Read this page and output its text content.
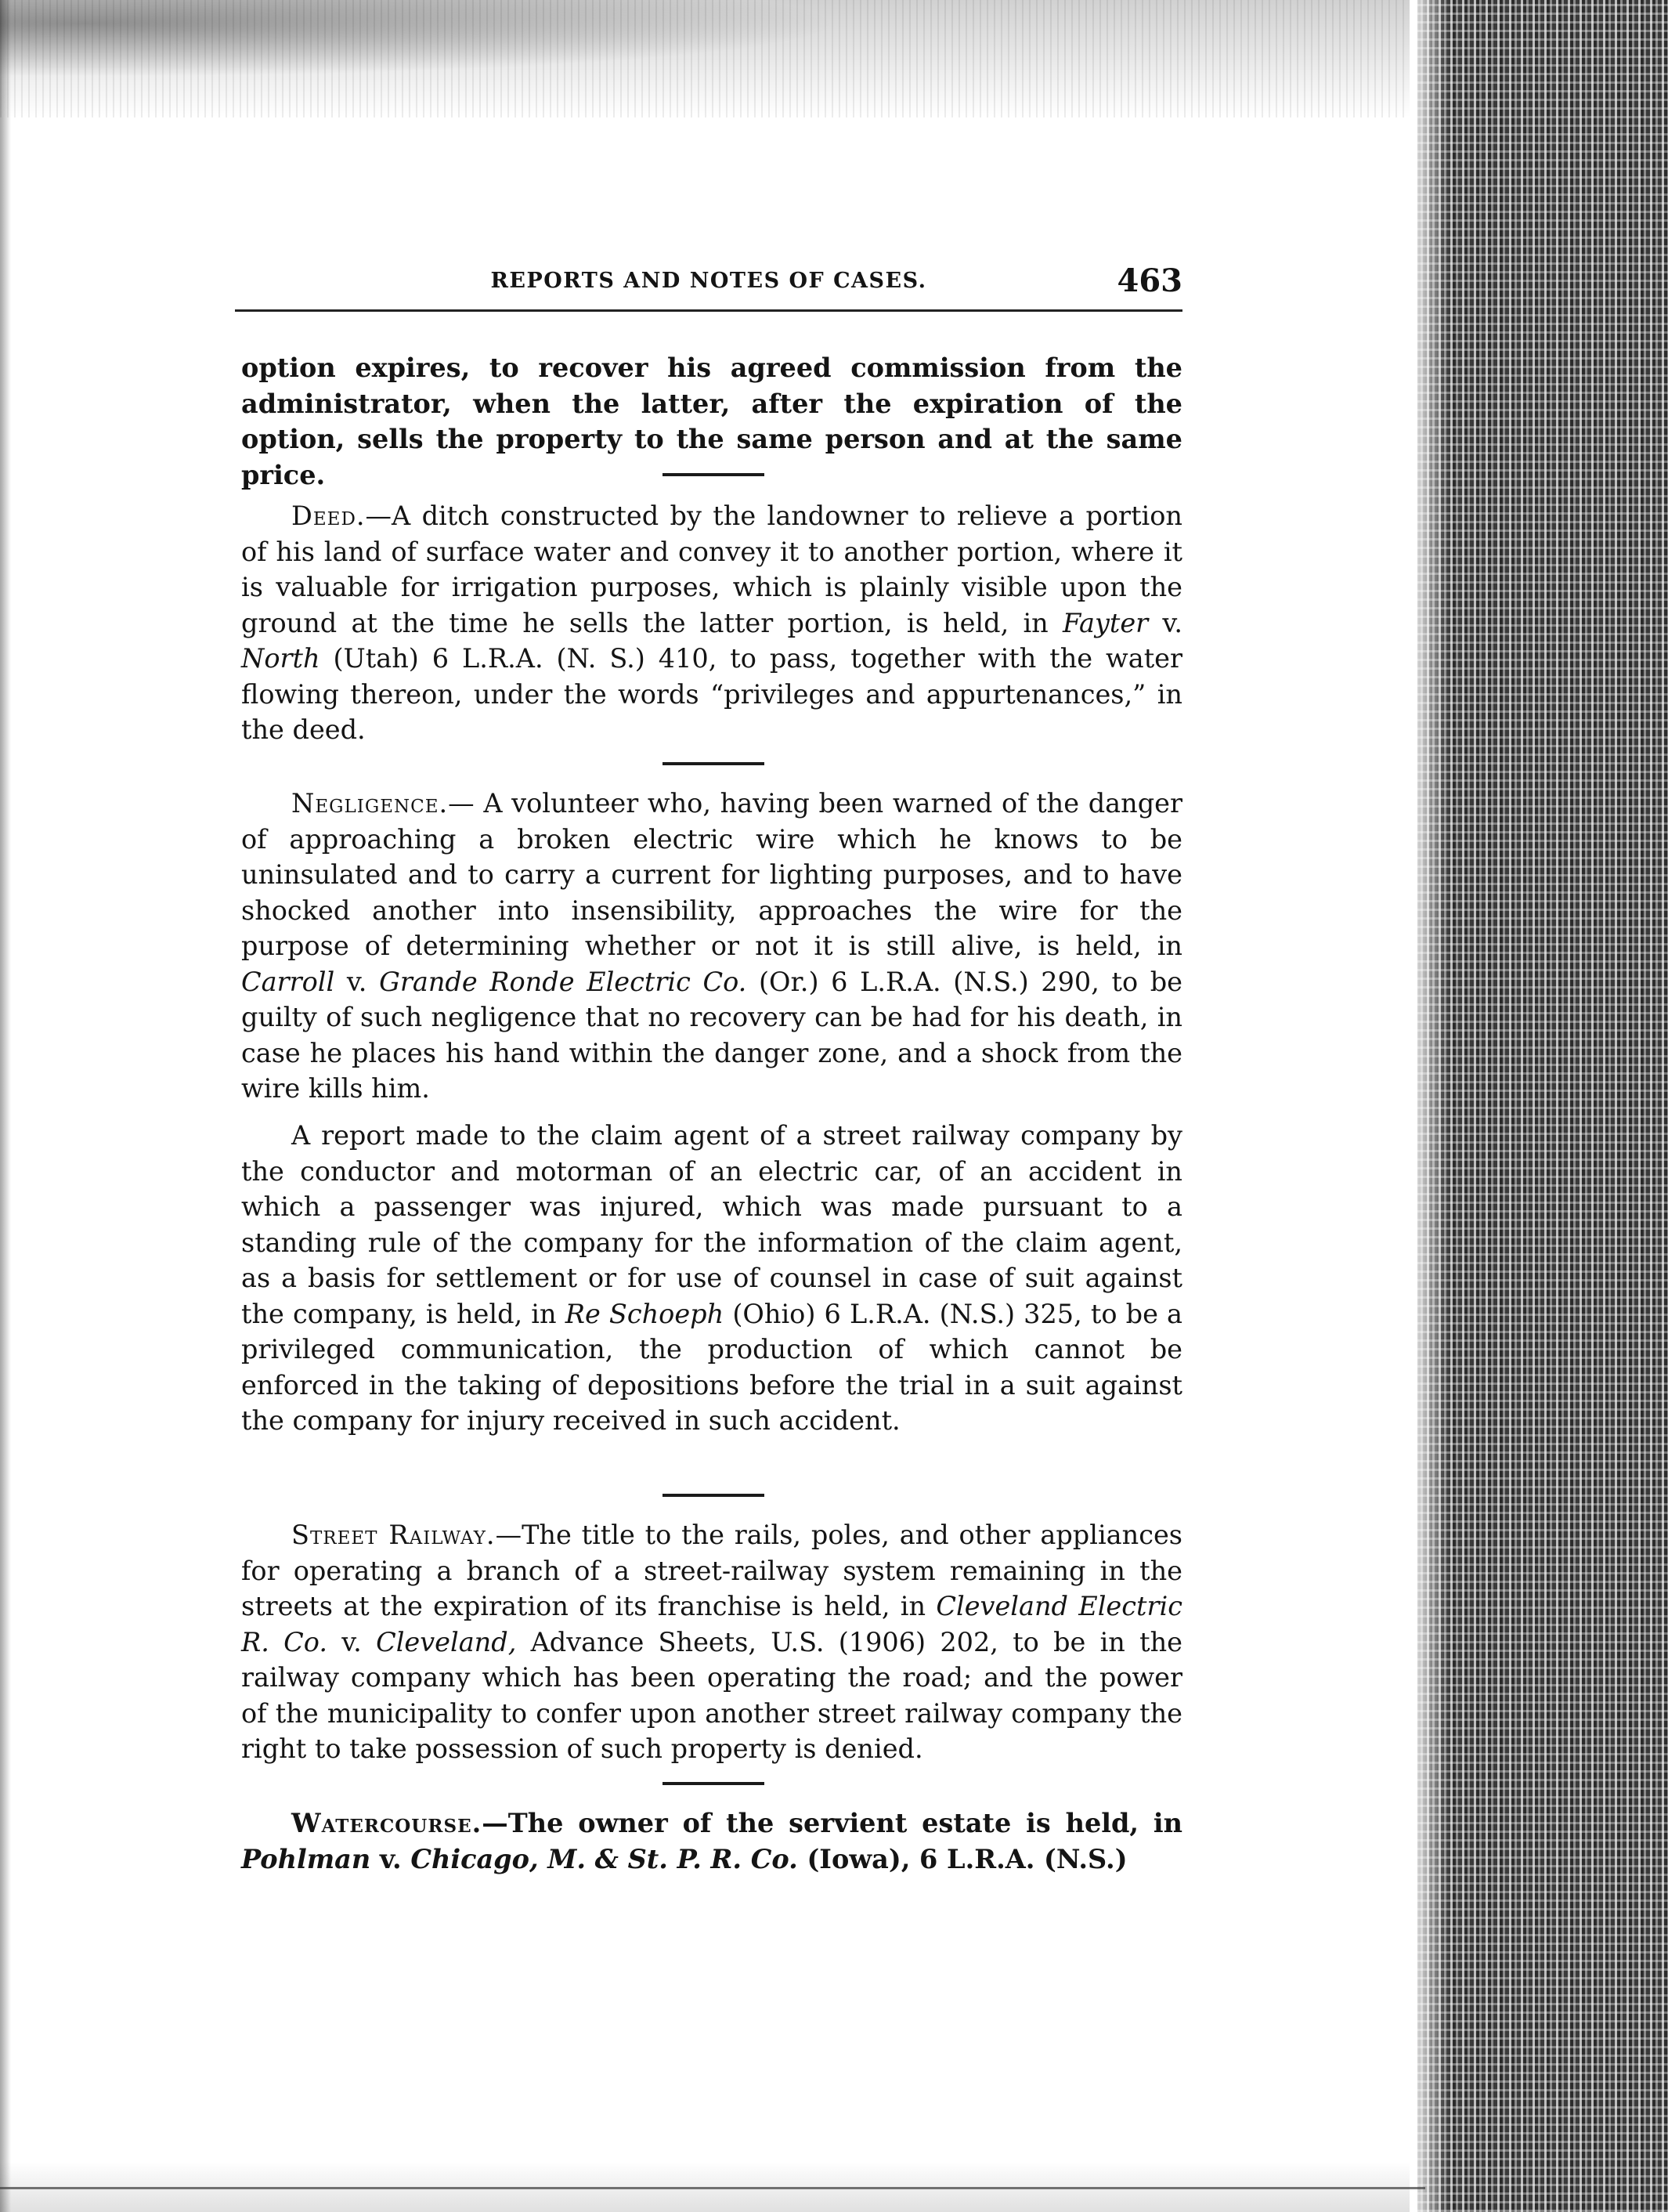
REPORTS AND NOTES OF CASES.	463
option expires, to recover his agreed commission from the administrator, when the latter, after the expiration of the option, sells the property to the same person and at the same price.
Deed.—A ditch constructed by the landowner to relieve a portion of his land of surface water and convey it to another portion, where it is valuable for irrigation purposes, which is plainly visible upon the ground at the time he sells the latter portion, is held, in Fayter v. North (Utah) 6 L.R.A. (N. S.) 410, to pass, together with the water flowing thereon, under the words “privileges and appurtenances,” in the deed.
Negligence.— A volunteer who, having been warned of the danger of approaching a broken electric wire which he knows to be uninsulated and to carry a current for lighting purposes, and to have shocked another into insensibility, approaches the wire for the purpose of determining whether or not it is still alive, is held, in Carroll v. Grande Ronde Electric Co. (Or.) 6 L.R.A. (N.S.) 290, to be guilty of such negligence that no recovery can be had for his death, in case he places his hand within the danger zone, and a shock from the wire kills him.
A report made to the claim agent of a street railway company by the conductor and motorman of an electric car, of an accident in which a passenger was injured, which was made pursuant to a standing rule of the company for the information of the claim agent, as a basis for settlement or for use of counsel in case of suit against the company, is held, in Re Schoeph (Ohio) 6 L.R.A. (N.S.) 325, to be a privileged communication, the production of which cannot be enforced in the taking of depositions before the trial in a suit against the company for injury received in such accident.
Street Railway.—The title to the rails, poles, and other appliances for operating a branch of a street-railway system remaining in the streets at the expiration of its franchise is held, in Cleveland Electric R. Co. v. Cleveland, Advance Sheets, U.S. (1906) 202, to be in the railway company which has been operating the road; and the power of the municipality to confer upon another street railway company the right to take possession of such property is denied.
Watercourse.—The owner of the servient estate is held, in Pohlman v. Chicago, M. & St. P. R. Co. (Iowa), 6 L.R.A. (N.S.)
